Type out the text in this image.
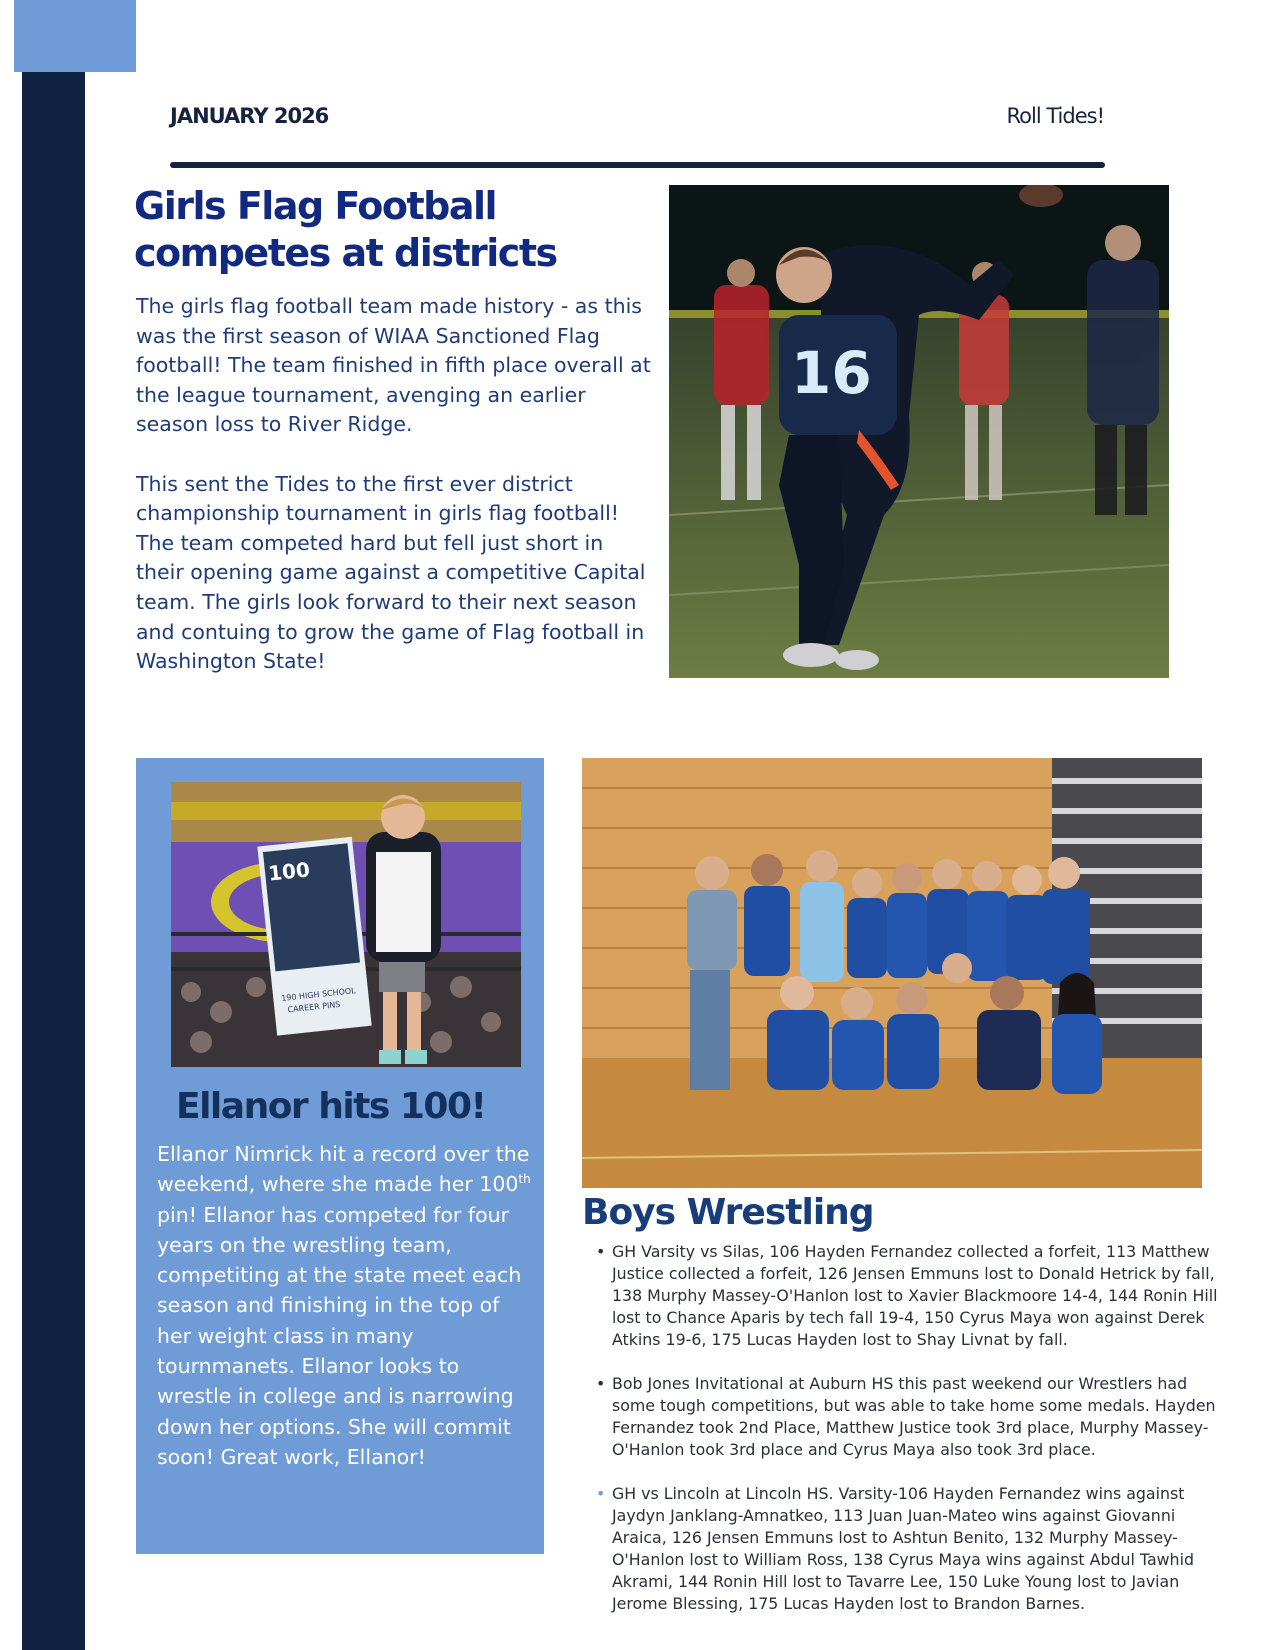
JANUARY 2026	Roll Tides!
Girls Flag Football competes at districts

The girls flag football team made history - as this was the first season of WIAA Sanctioned Flag football! The team finished in fifth place overall at the league tournament, avenging an earlier season loss to River Ridge.

This sent the Tides to the first ever district championship tournament in girls flag football! The team competed hard but fell just short in their opening game against a competitive Capital team. The girls look forward to their next season and contuing to grow the game of Flag football in Washington State!

16
100
190 HIGH SCHOOL
CAREER PINS
Ellanor hits 100!

Ellanor Nimrick hit a record over the weekend, where she made her 100th pin! Ellanor has competed for four years on the wrestling team, competiting at the state meet each season and finishing in the top of her weight class in many tournmanets. Ellanor looks to wrestle in college and is narrowing down her options. She will commit soon! Great work, Ellanor!

Boys Wrestling
• GH Varsity vs Silas, 106 Hayden Fernandez collected a forfeit, 113 Matthew Justice collected a forfeit, 126 Jensen Emmuns lost to Donald Hetrick by fall, 138 Murphy Massey-O'Hanlon lost to Xavier Blackmoore 14-4, 144 Ronin Hill lost to Chance Aparis by tech fall 19-4, 150 Cyrus Maya won against Derek Atkins 19-6, 175 Lucas Hayden lost to Shay Livnat by fall.
• Bob Jones Invitational at Auburn HS this past weekend our Wrestlers had some tough competitions, but was able to take home some medals. Hayden Fernandez took 2nd Place, Matthew Justice took 3rd place, Murphy Massey-O'Hanlon took 3rd place and Cyrus Maya also took 3rd place.
• GH vs Lincoln at Lincoln HS. Varsity-106 Hayden Fernandez wins against Jaydyn Janklang-Amnatkeo, 113 Juan Juan-Mateo wins against Giovanni Araica, 126 Jensen Emmuns lost to Ashtun Benito, 132 Murphy Massey-O'Hanlon lost to William Ross, 138 Cyrus Maya wins against Abdul Tawhid Akrami, 144 Ronin Hill lost to Tavarre Lee, 150 Luke Young lost to Javian Jerome Blessing, 175 Lucas Hayden lost to Brandon Barnes.
